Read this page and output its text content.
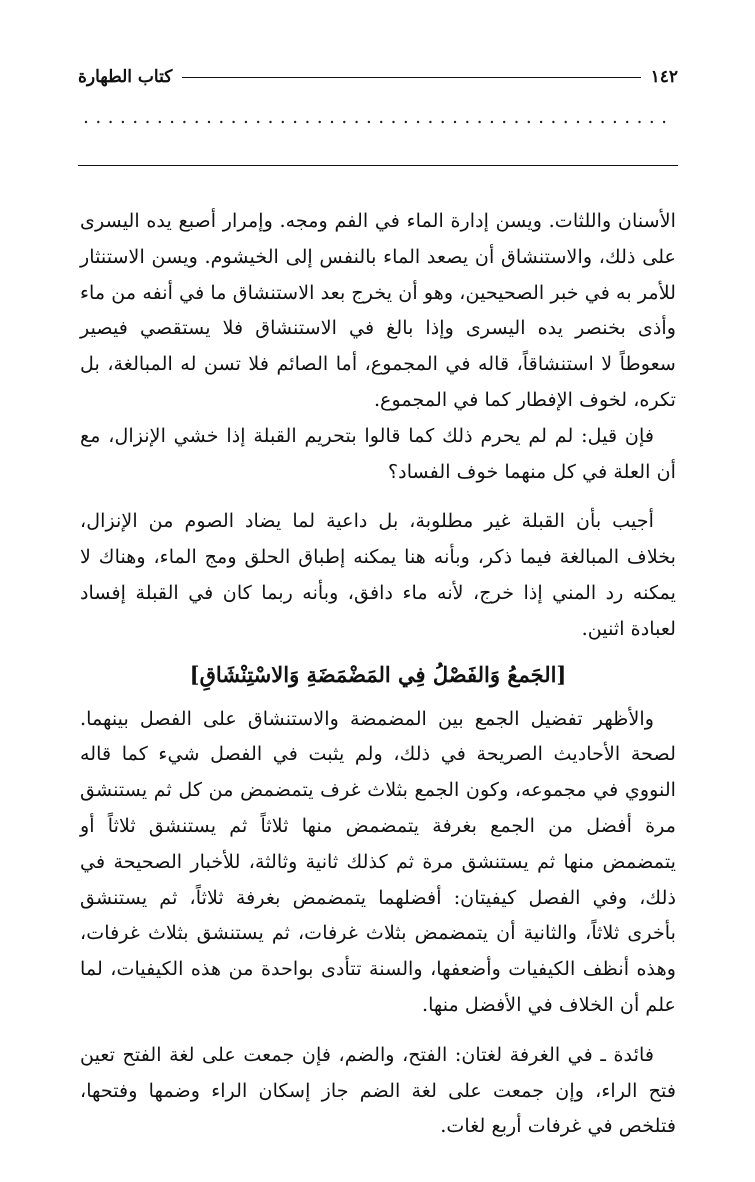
١٤٢
كتاب الطهارة

الأسنان واللثات. ويسن إدارة الماء في الفم ومجه. وإمرار أصبع يده اليسرى على ذلك، والاستنشاق أن يصعد الماء بالنفس إلى الخيشوم. ويسن الاستنثار للأمر به في خبر الصحيحين، وهو أن يخرج بعد الاستنشاق ما في أنفه من ماء وأذى بخنصر يده اليسرى وإذا بالغ في الاستنشاق فلا يستقصي فيصير سعوطاً لا استنشاقاً، قاله في المجموع، أما الصائم فلا تسن له المبالغة، بل تكره، لخوف الإفطار كما في المجموع.

فإن قيل: لم لم يحرم ذلك كما قالوا بتحريم القبلة إذا خشي الإنزال، مع أن العلة في كل منهما خوف الفساد؟

أجيب بأن القبلة غير مطلوبة، بل داعية لما يضاد الصوم من الإنزال، بخلاف المبالغة فيما ذكر، وبأنه هنا يمكنه إطباق الحلق ومج الماء، وهناك لا يمكنه رد المني إذا خرج، لأنه ماء دافق، وبأنه ربما كان في القبلة إفساد لعبادة اثنين.

[الجَمعُ وَالفَصْلُ فِي المَضْمَضَةِ وَالاسْتِنْشَاقِ]

والأظهر تفضيل الجمع بين المضمضة والاستنشاق على الفصل بينهما. لصحة الأحاديث الصريحة في ذلك، ولم يثبت في الفصل شيء كما قاله النووي في مجموعه، وكون الجمع بثلاث غرف يتمضمض من كل ثم يستنشق مرة أفضل من الجمع بغرفة يتمضمض منها ثلاثاً ثم يستنشق ثلاثاً أو يتمضمض منها ثم يستنشق مرة ثم كذلك ثانية وثالثة، للأخبار الصحيحة في ذلك، وفي الفصل كيفيتان: أفضلهما يتمضمض بغرفة ثلاثاً، ثم يستنشق بأخرى ثلاثاً، والثانية أن يتمضمض بثلاث غرفات، ثم يستنشق بثلاث غرفات، وهذه أنظف الكيفيات وأضعفها، والسنة تتأدى بواحدة من هذه الكيفيات، لما علم أن الخلاف في الأفضل منها.

فائدة ـ في الغرفة لغتان: الفتح، والضم، فإن جمعت على لغة الفتح تعين فتح الراء، وإن جمعت على لغة الضم جاز إسكان الراء وضمها وفتحها، فتلخص في غرفات أربع لغات.
